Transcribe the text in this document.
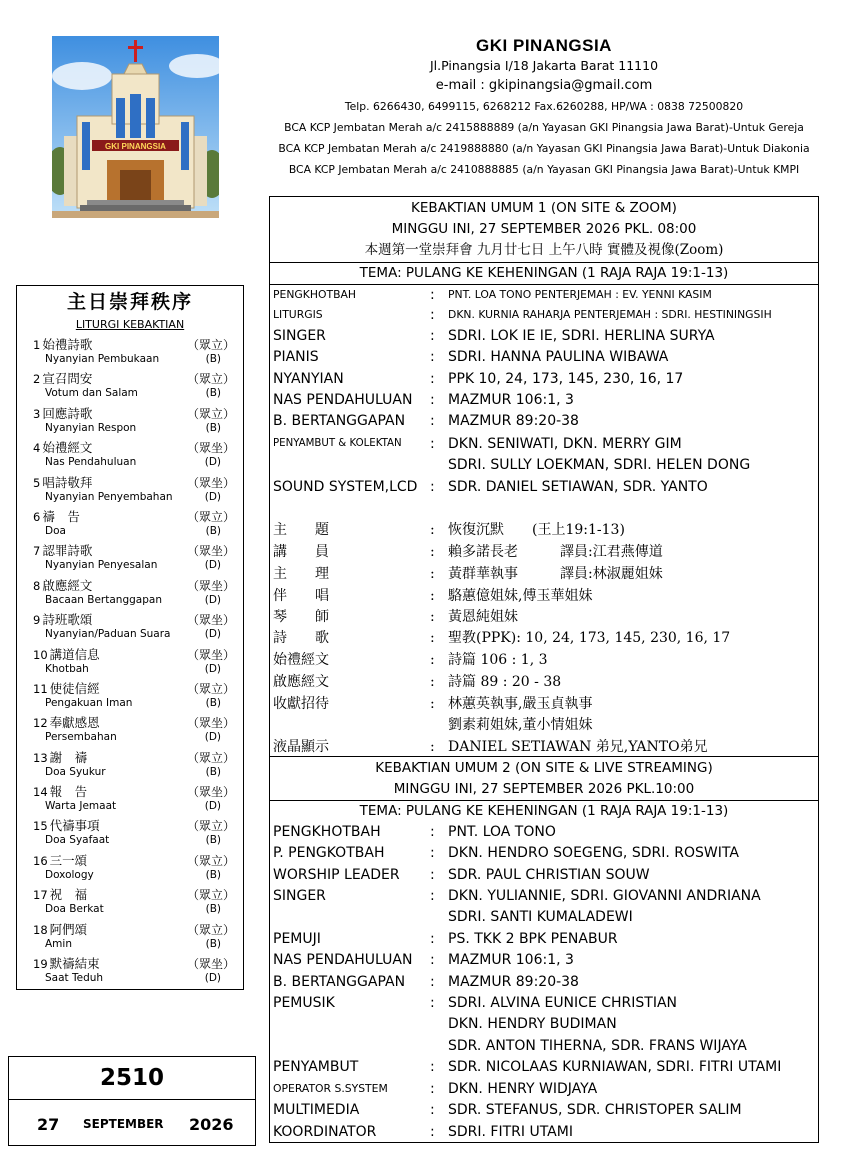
GKI PINANGSIA
GKI PINANGSIA
Jl.Pinangsia I/18 Jakarta Barat 11110
e-mail : gkipinangsia@gmail.com
Telp. 6266430, 6499115, 6268212 Fax.6260288, HP/WA : 0838 72500820
BCA KCP Jembatan Merah a/c 2415888889 (a/n Yayasan GKI Pinangsia Jawa Barat)-Untuk Gereja
BCA KCP Jembatan Merah a/c 2419888880 (a/n Yayasan GKI Pinangsia Jawa Barat)-Untuk Diakonia
BCA KCP Jembatan Merah a/c 2410888885 (a/n Yayasan GKI Pinangsia Jawa Barat)-Untuk KMPI
主日崇拜秩序
LITURGI KEBAKTIAN
1 始禮詩歌	（眾立）
Nyanyian Pembukaan	(B)
2 宣召問安	（眾立）
Votum dan Salam	(B)
3 回應詩歌	（眾立）
Nyanyian Respon	(B)
4 始禮經文	（眾坐）
Nas Pendahuluan	(D)
5 唱詩敬拜	（眾坐）
Nyanyian Penyembahan	(D)
6 禱　告	（眾立）
Doa	(B)
7 認罪詩歌	（眾坐）
Nyanyian Penyesalan	(D)
8 啟應經文	（眾坐）
Bacaan Bertanggapan	(D)
9 詩班歌頌	（眾坐）
Nyanyian/Paduan Suara	(D)
10 講道信息	（眾坐）
Khotbah	(D)
11 使徒信經	（眾立）
Pengakuan Iman	(B)
12 奉獻感恩	（眾坐）
Persembahan	(D)
13 謝　禱	（眾立）
Doa Syukur	(B)
14 報　告	（眾坐）
Warta Jemaat	(D)
15 代禱事項	（眾立）
Doa Syafaat	(B)
16 三一頌	（眾立）
Doxology	(B)
17 祝　福	（眾立）
Doa Berkat	(B)
18 阿們頌	（眾立）
Amin	(B)
19 默禱結束	（眾坐）
Saat Teduh	(D)
2510
27 SEPTEMBER 2026
KEBAKTIAN UMUM 1 (ON SITE & ZOOM)
MINGGU INI, 27 SEPTEMBER 2026 PKL. 08:00
本週第一堂崇拜會 九月廿七日 上午八時 實體及視像(Zoom)
TEMA: PULANG KE KEHENINGAN (1 RAJA RAJA 19:1-13)
PENGKHOTBAH	: PNT. LOA TONO PENTERJEMAH : EV. YENNI KASIM
LITURGIS	: DKN. KURNIA RAHARJA PENTERJEMAH : SDRI. HESTININGSIH
SINGER	: SDRI. LOK IE IE, SDRI. HERLINA SURYA
PIANIS	: SDRI. HANNA PAULINA WIBAWA
NYANYIAN	: PPK 10, 24, 173, 145, 230, 16, 17
NAS PENDAHULUAN : MAZMUR 106:1, 3
B. BERTANGGAPAN : MAZMUR 89:20-38
PENYAMBUT & KOLEKTAN : DKN. SENIWATI, DKN. MERRY GIM
SDRI. SULLY LOEKMAN, SDRI. HELEN DONG
SOUND SYSTEM,LCD : SDR. DANIEL SETIAWAN, SDR. YANTO
主　　題	: 恢復沉默　　(王上19:1-13)
講　　員	: 賴多諾長老　　　譯員:江君燕傳道
主　　理	: 黃群華執事　　　譯員:林淑麗姐妹
伴　　唱	: 駱蕙億姐妹,傅玉華姐妹
琴　　師	: 黃恩純姐妹
詩　　歌	: 聖教(PPK): 10, 24, 173, 145, 230, 16, 17
始禮經文	: 詩篇 106 : 1, 3
啟應經文	: 詩篇 89 : 20 - 38
收獻招待	: 林蕙英執事,嚴玉貞執事
劉素莉姐妹,董小情姐妹
液晶顯示	: DANIEL SETIAWAN 弟兄,YANTO弟兄
KEBAKTIAN UMUM 2 (ON SITE & LIVE STREAMING)
MINGGU INI, 27 SEPTEMBER 2026 PKL.10:00
TEMA: PULANG KE KEHENINGAN (1 RAJA RAJA 19:1-13)
PENGKHOTBAH	: PNT. LOA TONO
P. PENGKOTBAH	: DKN. HENDRO SOEGENG, SDRI. ROSWITA
WORSHIP LEADER : SDR. PAUL CHRISTIAN SOUW
SINGER	: DKN. YULIANNIE, SDRI. GIOVANNI ANDRIANA
SDRI. SANTI KUMALADEWI
PEMUJI	: PS. TKK 2 BPK PENABUR
NAS PENDAHULUAN : MAZMUR 106:1, 3
B. BERTANGGAPAN : MAZMUR 89:20-38
PEMUSIK	: SDRI. ALVINA EUNICE CHRISTIAN
DKN. HENDRY BUDIMAN
SDR. ANTON TIHERNA, SDR. FRANS WIJAYA
PENYAMBUT	: SDR. NICOLAAS KURNIAWAN, SDRI. FITRI UTAMI
OPERATOR S.SYSTEM	: DKN. HENRY WIDJAYA
MULTIMEDIA	: SDR. STEFANUS, SDR. CHRISTOPER SALIM
KOORDINATOR	: SDRI. FITRI UTAMI
